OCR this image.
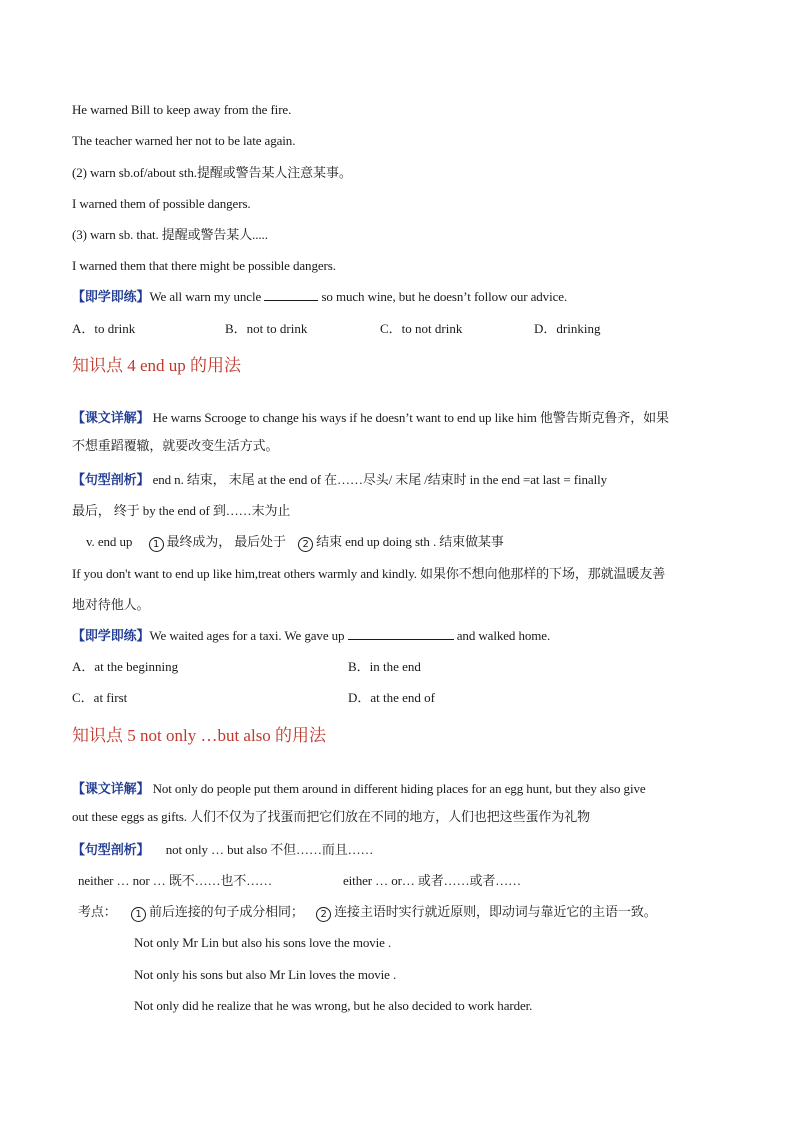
He warned Bill to keep away from the fire.
The teacher warned her not to be late again.
(2) warn sb.of/about sth.提醒或警告某人注意某事。
I warned them of possible dangers.
(3) warn sb. that. 提醒或警告某人.....
I warned them that there might be possible dangers.
【即学即练】We all warn my uncle	so much wine, but he doesn’t follow our advice.
A．to drink	B．not to drink	C．to not drink	D．drinking
知识点 4 end up 的用法
【课文详解】 He warns Scrooge to change his ways if he doesn’t want to end up like him 他警告斯克鲁齐，如果
不想重蹈覆辙，就要改变生活方式。
【句型剖析】 end n. 结束， 末尾 at the end of 在……尽头/ 末尾 /结束时 in the end =at last = finally
最后， 终于 by the end of 到……末为止
v. end up 1 最终成为， 最后处于 2 结束 end up doing sth . 结束做某事
If you don't want to end up like him,treat others warmly and kindly. 如果你不想向他那样的下场，那就温暖友善
地对待他人。
【即学即练】We waited ages for a taxi. We gave up	and walked home.
A．at the beginning	B．in the end
C．at first	D．at the end of
知识点 5 not only …but also 的用法
【课文详解】 Not only do people put them around in different hiding places for an egg hunt, but they also give
out these eggs as gifts. 人们不仅为了找蛋而把它们放在不同的地方，人们也把这些蛋作为礼物
【句型剖析】 not only … but also 不但……而且……
neither … nor … 既不……也不……	either … or… 或者……或者……
考点： 1 前后连接的句子成分相同； 2 连接主语时实行就近原则，即动词与靠近它的主语一致。
Not only Mr Lin but also his sons love the movie .
Not only his sons but also Mr Lin loves the movie .
Not only did he realize that he was wrong, but he also decided to work harder.
